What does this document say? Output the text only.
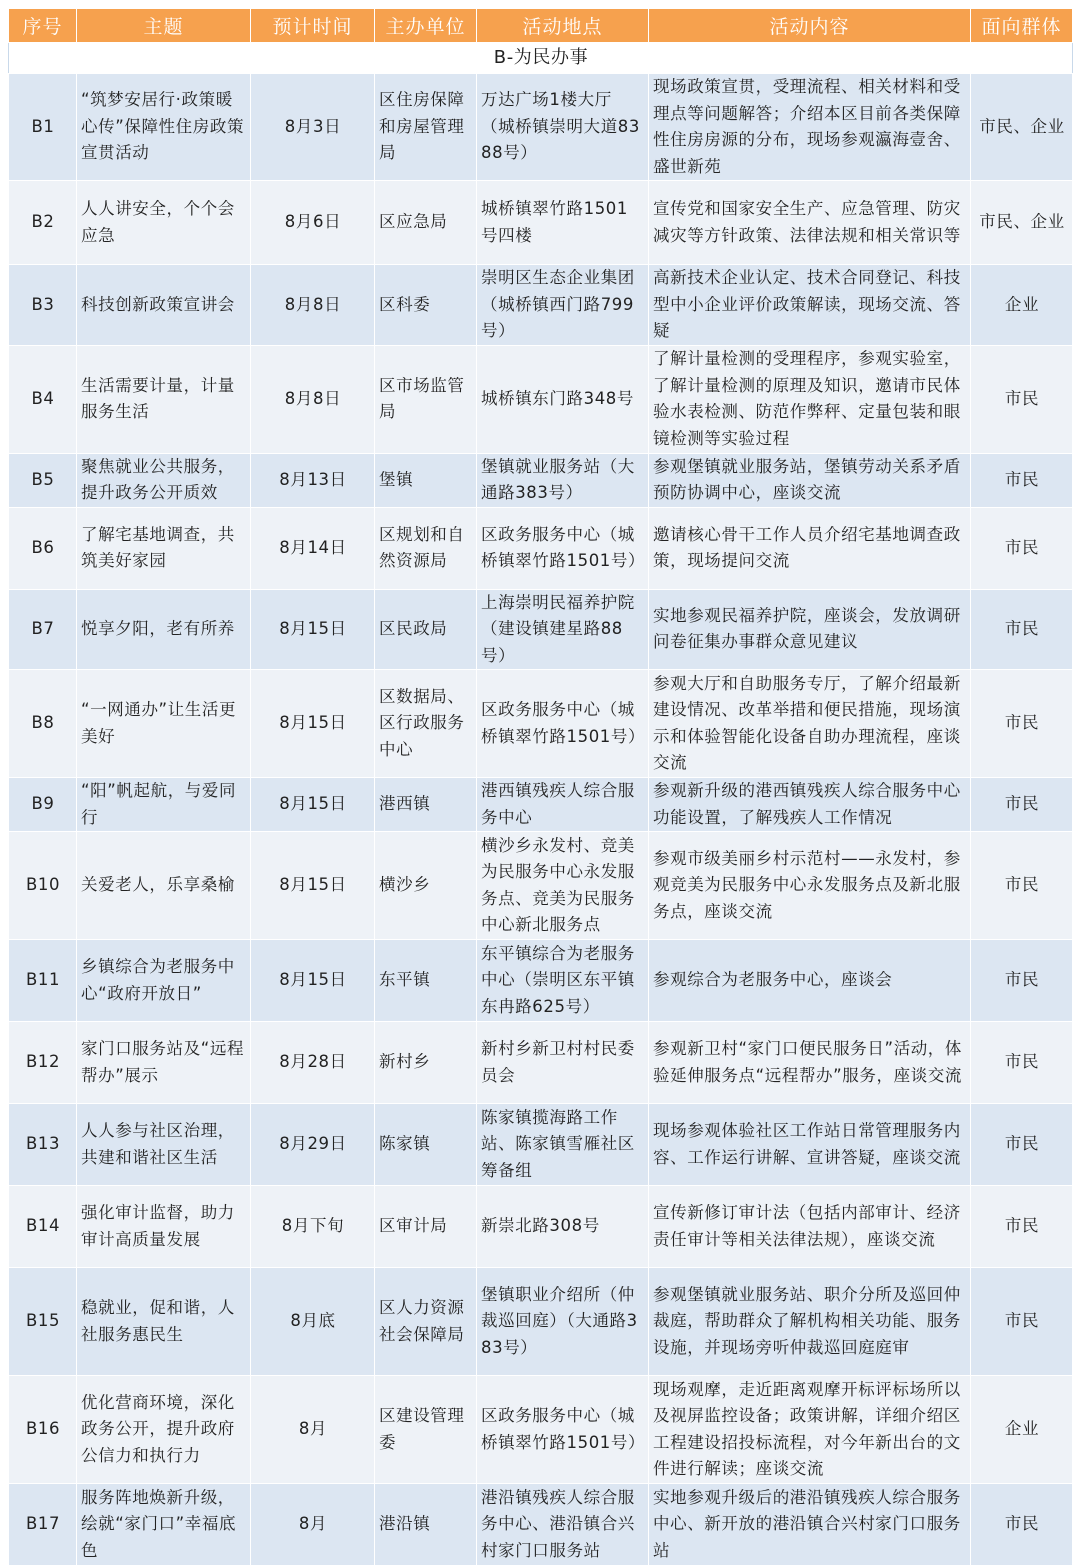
序号	主题	预计时间	主办单位	活动地点	活动内容	面向群体
B-为民办事						
B1	“筑梦安居行·政策暖心传”保障性住房政策宣贯活动	8月3日	区住房保障和房屋管理局	万达广场1楼大厅（城桥镇崇明大道8388号）	现场政策宣贯，受理流程、相关材料和受理点等问题解答；介绍本区目前各类保障性住房房源的分布，现场参观瀛海壹舍、盛世新苑	市民、企业
B2	人人讲安全，个个会应急	8月6日	区应急局	城桥镇翠竹路1501号四楼	宣传党和国家安全生产、应急管理、防灾减灾等方针政策、法律法规和相关常识等	市民、企业
B3	科技创新政策宣讲会	8月8日	区科委	崇明区生态企业集团（城桥镇西门路799号）	高新技术企业认定、技术合同登记、科技型中小企业评价政策解读，现场交流、答疑	企业
B4	生活需要计量，计量服务生活	8月8日	区市场监管局	城桥镇东门路348号	了解计量检测的受理程序，参观实验室，了解计量检测的原理及知识，邀请市民体验水表检测、防范作弊秤、定量包装和眼镜检测等实验过程	市民
B5	聚焦就业公共服务，提升政务公开质效	8月13日	堡镇	堡镇就业服务站（大通路383号）	参观堡镇就业服务站，堡镇劳动关系矛盾预防协调中心，座谈交流	市民
B6	了解宅基地调查，共筑美好家园	8月14日	区规划和自然资源局	区政务服务中心（城桥镇翠竹路1501号）	邀请核心骨干工作人员介绍宅基地调查政策，现场提问交流	市民
B7	悦享夕阳，老有所养	8月15日	区民政局	上海崇明民福养护院（建设镇建星路88号）	实地参观民福养护院，座谈会，发放调研问卷征集办事群众意见建议	市民
B8	“一网通办”让生活更美好	8月15日	区数据局、区行政服务中心	区政务服务中心（城桥镇翠竹路1501号）	参观大厅和自助服务专厅，了解介绍最新建设情况、改革举措和便民措施，现场演示和体验智能化设备自助办理流程，座谈交流	市民
B9	“阳”帆起航，与爱同行	8月15日	港西镇	港西镇残疾人综合服务中心	参观新升级的港西镇残疾人综合服务中心功能设置，了解残疾人工作情况	市民
B10	关爱老人，乐享桑榆	8月15日	横沙乡	横沙乡永发村、竞美为民服务中心永发服务点、竞美为民服务中心新北服务点	参观市级美丽乡村示范村——永发村，参观竞美为民服务中心永发服务点及新北服务点，座谈交流	市民
B11	乡镇综合为老服务中心“政府开放日”	8月15日	东平镇	东平镇综合为老服务中心（崇明区东平镇东冉路625号）	参观综合为老服务中心，座谈会	市民
B12	家门口服务站及“远程帮办”展示	8月28日	新村乡	新村乡新卫村村民委员会	参观新卫村“家门口便民服务日”活动，体验延伸服务点“远程帮办”服务，座谈交流	市民
B13	人人参与社区治理，共建和谐社区生活	8月29日	陈家镇	陈家镇揽海路工作站、陈家镇雪雁社区筹备组	现场参观体验社区工作站日常管理服务内容、工作运行讲解、宣讲答疑，座谈交流	市民
B14	强化审计监督，助力审计高质量发展	8月下旬	区审计局	新崇北路308号	宣传新修订审计法（包括内部审计、经济责任审计等相关法律法规），座谈交流	市民
B15	稳就业，促和谐，人社服务惠民生	8月底	区人力资源社会保障局	堡镇职业介绍所（仲裁巡回庭）（大通路383号）	参观堡镇就业服务站、职介分所及巡回仲裁庭，帮助群众了解机构相关功能、服务设施，并现场旁听仲裁巡回庭庭审	市民
B16	优化营商环境，深化政务公开，提升政府公信力和执行力	8月	区建设管理委	区政务服务中心（城桥镇翠竹路1501号）	现场观摩，走近距离观摩开标评标场所以及视屏监控设备；政策讲解，详细介绍区工程建设招投标流程，对今年新出台的文件进行解读；座谈交流	企业
B17	服务阵地焕新升级，绘就“家门口”幸福底色	8月	港沿镇	港沿镇残疾人综合服务中心、港沿镇合兴村家门口服务站	实地参观升级后的港沿镇残疾人综合服务中心、新开放的港沿镇合兴村家门口服务站	市民
